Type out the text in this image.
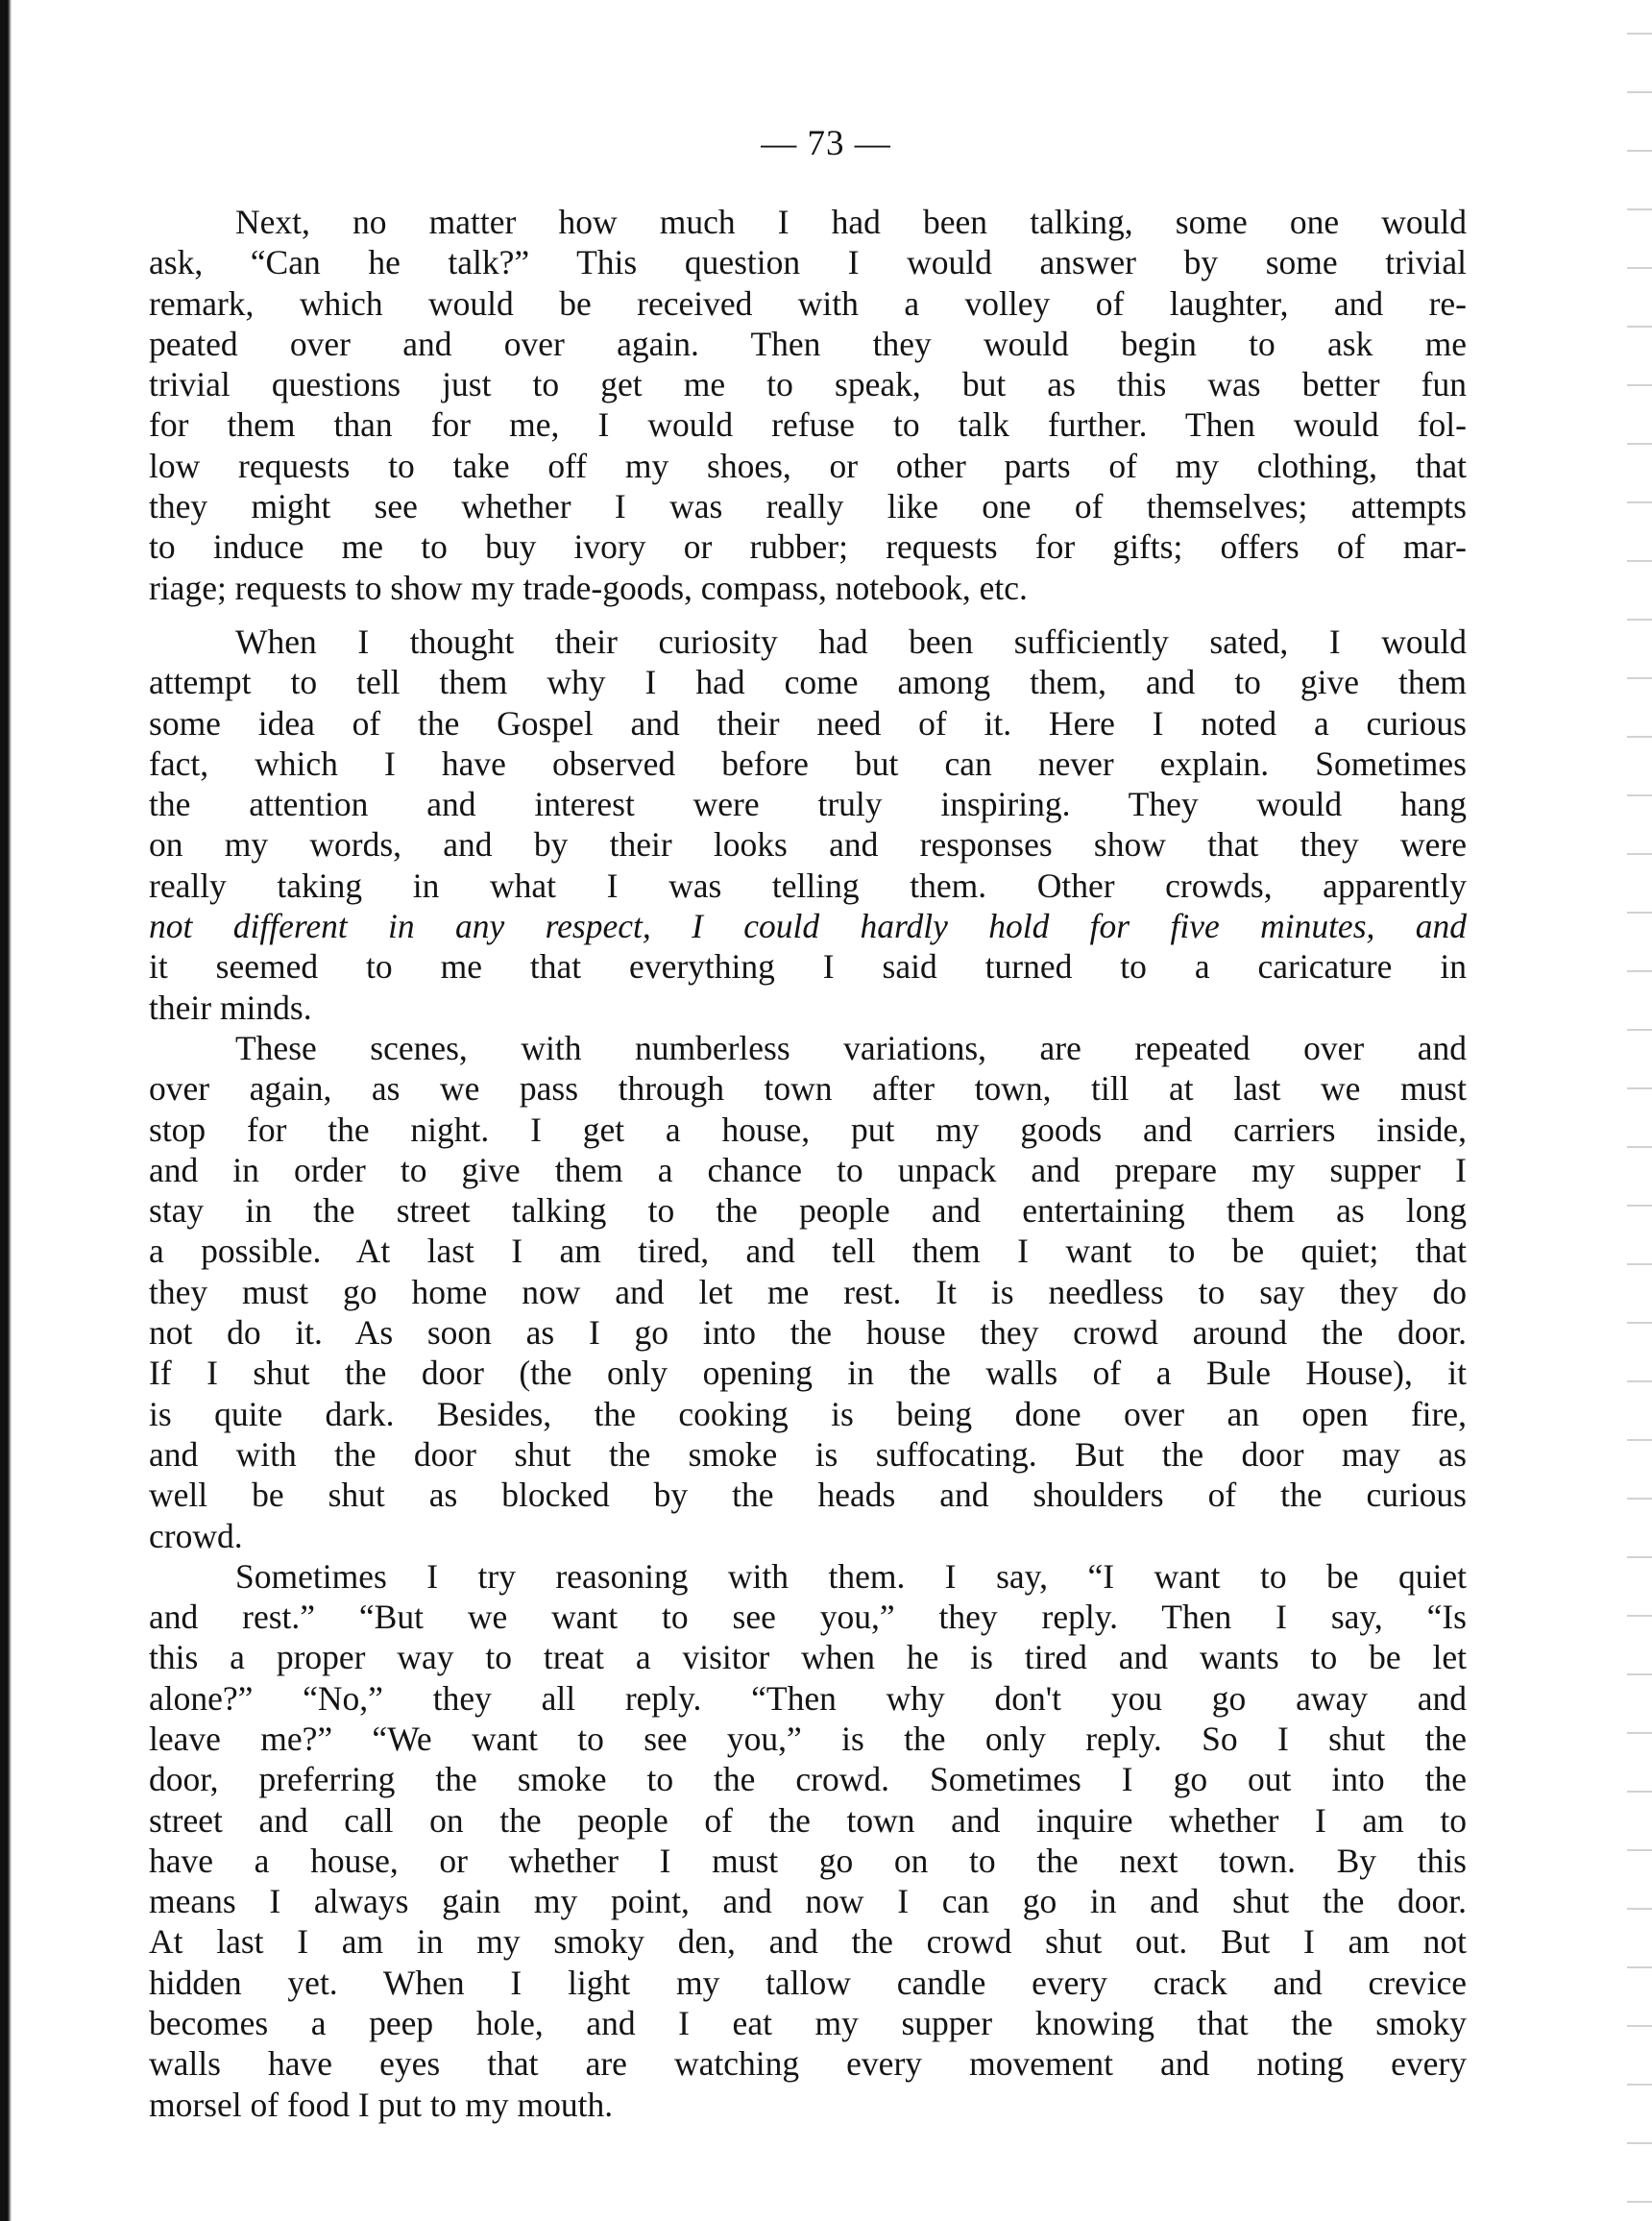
— 73 —
Next, no matter how much I had been talking, some one would
ask, “Can he talk?” This question I would answer by some trivial
remark, which would be received with a volley of laughter, and re-
peated over and over again. Then they would begin to ask me
trivial questions just to get me to speak, but as this was better fun
for them than for me, I would refuse to talk further. Then would fol-
low requests to take off my shoes, or other parts of my clothing, that
they might see whether I was really like one of themselves; attempts
to induce me to buy ivory or rubber; requests for gifts; offers of mar-
riage; requests to show my trade-goods, compass, notebook, etc.
When I thought their curiosity had been sufficiently sated, I would
attempt to tell them why I had come among them, and to give them
some idea of the Gospel and their need of it. Here I noted a curious
fact, which I have observed before but can never explain. Sometimes
the attention and interest were truly inspiring. They would hang
on my words, and by their looks and responses show that they were
really taking in what I was telling them. Other crowds, apparently
not different in any respect, I could hardly hold for five minutes, and
it seemed to me that everything I said turned to a caricature in
their minds.
These scenes, with numberless variations, are repeated over and
over again, as we pass through town after town, till at last we must
stop for the night. I get a house, put my goods and carriers inside,
and in order to give them a chance to unpack and prepare my supper I
stay in the street talking to the people and entertaining them as long
a possible. At last I am tired, and tell them I want to be quiet; that
they must go home now and let me rest. It is needless to say they do
not do it. As soon as I go into the house they crowd around the door.
If I shut the door (the only opening in the walls of a Bule House), it
is quite dark. Besides, the cooking is being done over an open fire,
and with the door shut the smoke is suffocating. But the door may as
well be shut as blocked by the heads and shoulders of the curious
crowd.
Sometimes I try reasoning with them. I say, “I want to be quiet
and rest.” “But we want to see you,” they reply. Then I say, “Is
this a proper way to treat a visitor when he is tired and wants to be let
alone?” “No,” they all reply. “Then why don't you go away and
leave me?” “We want to see you,” is the only reply. So I shut the
door, preferring the smoke to the crowd. Sometimes I go out into the
street and call on the people of the town and inquire whether I am to
have a house, or whether I must go on to the next town. By this
means I always gain my point, and now I can go in and shut the door.
At last I am in my smoky den, and the crowd shut out. But I am not
hidden yet. When I light my tallow candle every crack and crevice
becomes a peep hole, and I eat my supper knowing that the smoky
walls have eyes that are watching every movement and noting every
morsel of food I put to my mouth.
